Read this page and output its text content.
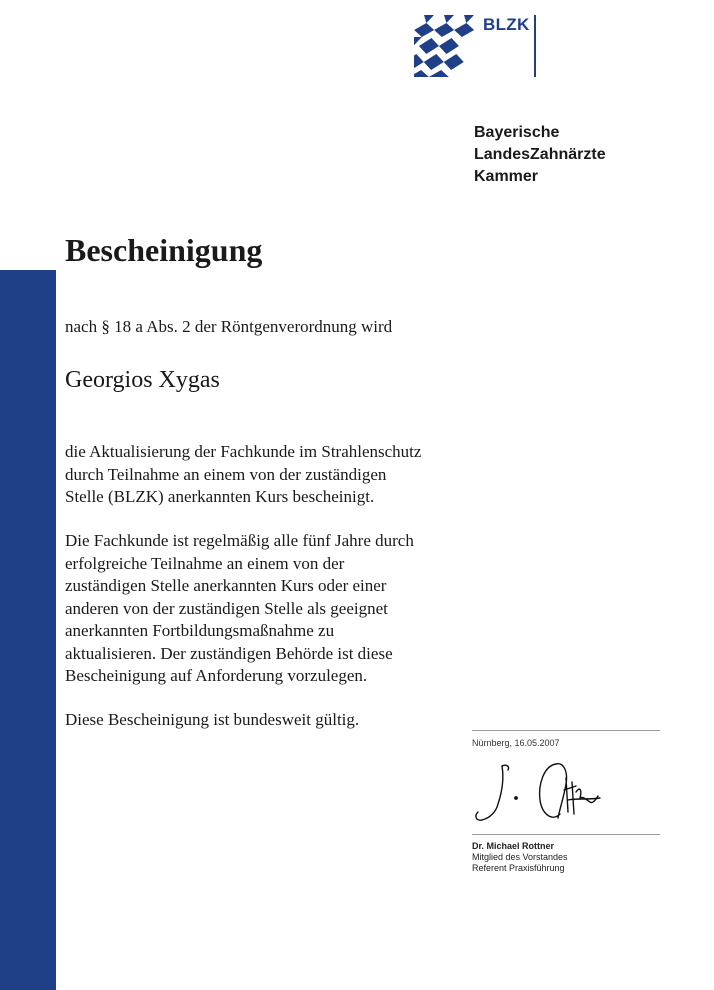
BLZK
Bayerische
LandesZahnärzte
Kammer
Bescheinigung
nach § 18 a Abs. 2 der Röntgenverordnung wird
Georgios Xygas
die Aktualisierung der Fachkunde im Strahlenschutz
durch Teilnahme an einem von der zuständigen
Stelle (BLZK) anerkannten Kurs bescheinigt.
Die Fachkunde ist regelmäßig alle fünf Jahre durch
erfolgreiche Teilnahme an einem von der
zuständigen Stelle anerkannten Kurs oder einer
anderen von der zuständigen Stelle als geeignet
anerkannten Fortbildungsmaßnahme zu
aktualisieren. Der zuständigen Behörde ist diese
Bescheinigung auf Anforderung vorzulegen.
Diese Bescheinigung ist bundesweit gültig.
Nürnberg, 16.05.2007
Dr. Michael Rottner
Mitglied des Vorstandes
Referent Praxisführung
